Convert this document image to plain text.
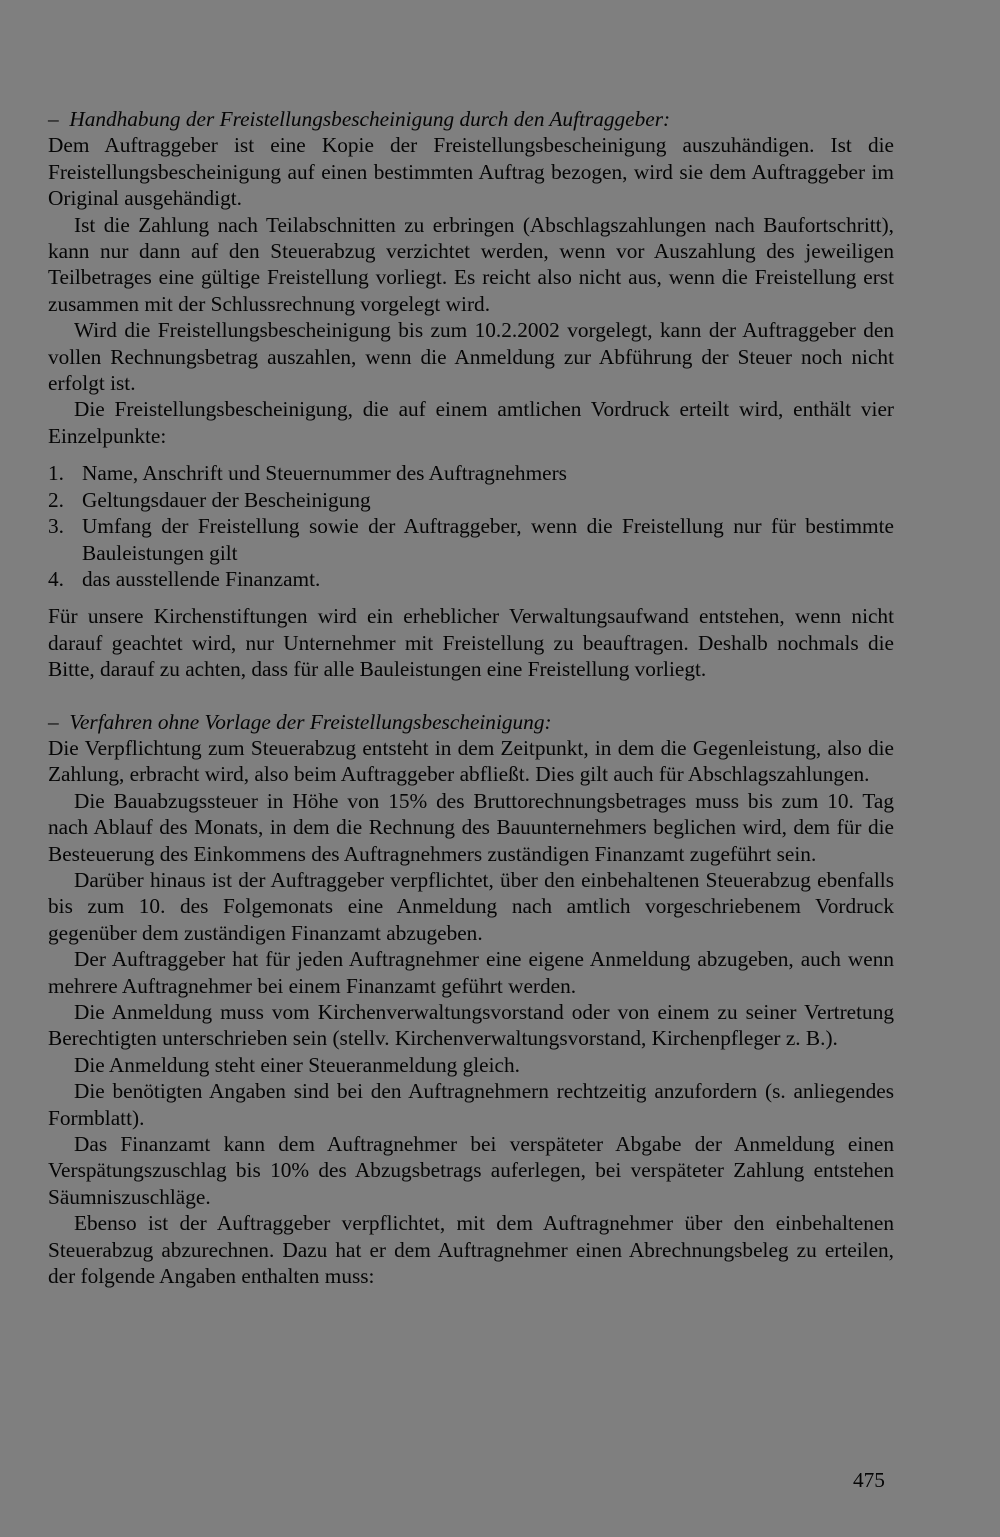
– Handhabung der Freistellungsbescheinigung durch den Auftraggeber:

Dem Auftraggeber ist eine Kopie der Freistellungsbescheinigung auszuhändigen. Ist die Freistellungsbescheinigung auf einen bestimmten Auftrag bezogen, wird sie dem Auftraggeber im Original ausgehändigt.

Ist die Zahlung nach Teilabschnitten zu erbringen (Abschlagszahlungen nach Baufortschritt), kann nur dann auf den Steuerabzug verzichtet werden, wenn vor Auszahlung des jeweiligen Teilbetrages eine gültige Freistellung vorliegt. Es reicht also nicht aus, wenn die Freistellung erst zusammen mit der Schlussrechnung vorgelegt wird.

Wird die Freistellungsbescheinigung bis zum 10.2.2002 vorgelegt, kann der Auftraggeber den vollen Rechnungsbetrag auszahlen, wenn die Anmeldung zur Abführung der Steuer noch nicht erfolgt ist.

Die Freistellungsbescheinigung, die auf einem amtlichen Vordruck erteilt wird, enthält vier Einzelpunkte:

1. Name, Anschrift und Steuernummer des Auftragnehmers
2. Geltungsdauer der Bescheinigung
3. Umfang der Freistellung sowie der Auftraggeber, wenn die Freistellung nur für bestimmte Bauleistungen gilt
4. das ausstellende Finanzamt.

Für unsere Kirchenstiftungen wird ein erheblicher Verwaltungsaufwand entstehen, wenn nicht darauf geachtet wird, nur Unternehmer mit Freistellung zu beauftragen. Deshalb nochmals die Bitte, darauf zu achten, dass für alle Bauleistungen eine Freistellung vorliegt.

– Verfahren ohne Vorlage der Freistellungsbescheinigung:

Die Verpflichtung zum Steuerabzug entsteht in dem Zeitpunkt, in dem die Gegenleistung, also die Zahlung, erbracht wird, also beim Auftraggeber abfließt. Dies gilt auch für Abschlagszahlungen.

Die Bauabzugssteuer in Höhe von 15% des Bruttorechnungsbetrages muss bis zum 10. Tag nach Ablauf des Monats, in dem die Rechnung des Bauunternehmers beglichen wird, dem für die Besteuerung des Einkommens des Auftragnehmers zuständigen Finanzamt zugeführt sein.

Darüber hinaus ist der Auftraggeber verpflichtet, über den einbehaltenen Steuerabzug ebenfalls bis zum 10. des Folgemonats eine Anmeldung nach amtlich vorgeschriebenem Vordruck gegenüber dem zuständigen Finanzamt abzugeben.

Der Auftraggeber hat für jeden Auftragnehmer eine eigene Anmeldung abzugeben, auch wenn mehrere Auftragnehmer bei einem Finanzamt geführt werden.

Die Anmeldung muss vom Kirchenverwaltungsvorstand oder von einem zu seiner Vertretung Berechtigten unterschrieben sein (stellv. Kirchenverwaltungsvorstand, Kirchenpfleger z. B.).

Die Anmeldung steht einer Steueranmeldung gleich.

Die benötigten Angaben sind bei den Auftragnehmern rechtzeitig anzufordern (s. anliegendes Formblatt).

Das Finanzamt kann dem Auftragnehmer bei verspäteter Abgabe der Anmeldung einen Verspätungszuschlag bis 10% des Abzugsbetrags auferlegen, bei verspäteter Zahlung entstehen Säumniszuschläge.

Ebenso ist der Auftraggeber verpflichtet, mit dem Auftragnehmer über den einbehaltenen Steuerabzug abzurechnen. Dazu hat er dem Auftragnehmer einen Abrechnungsbeleg zu erteilen, der folgende Angaben enthalten muss:

475
